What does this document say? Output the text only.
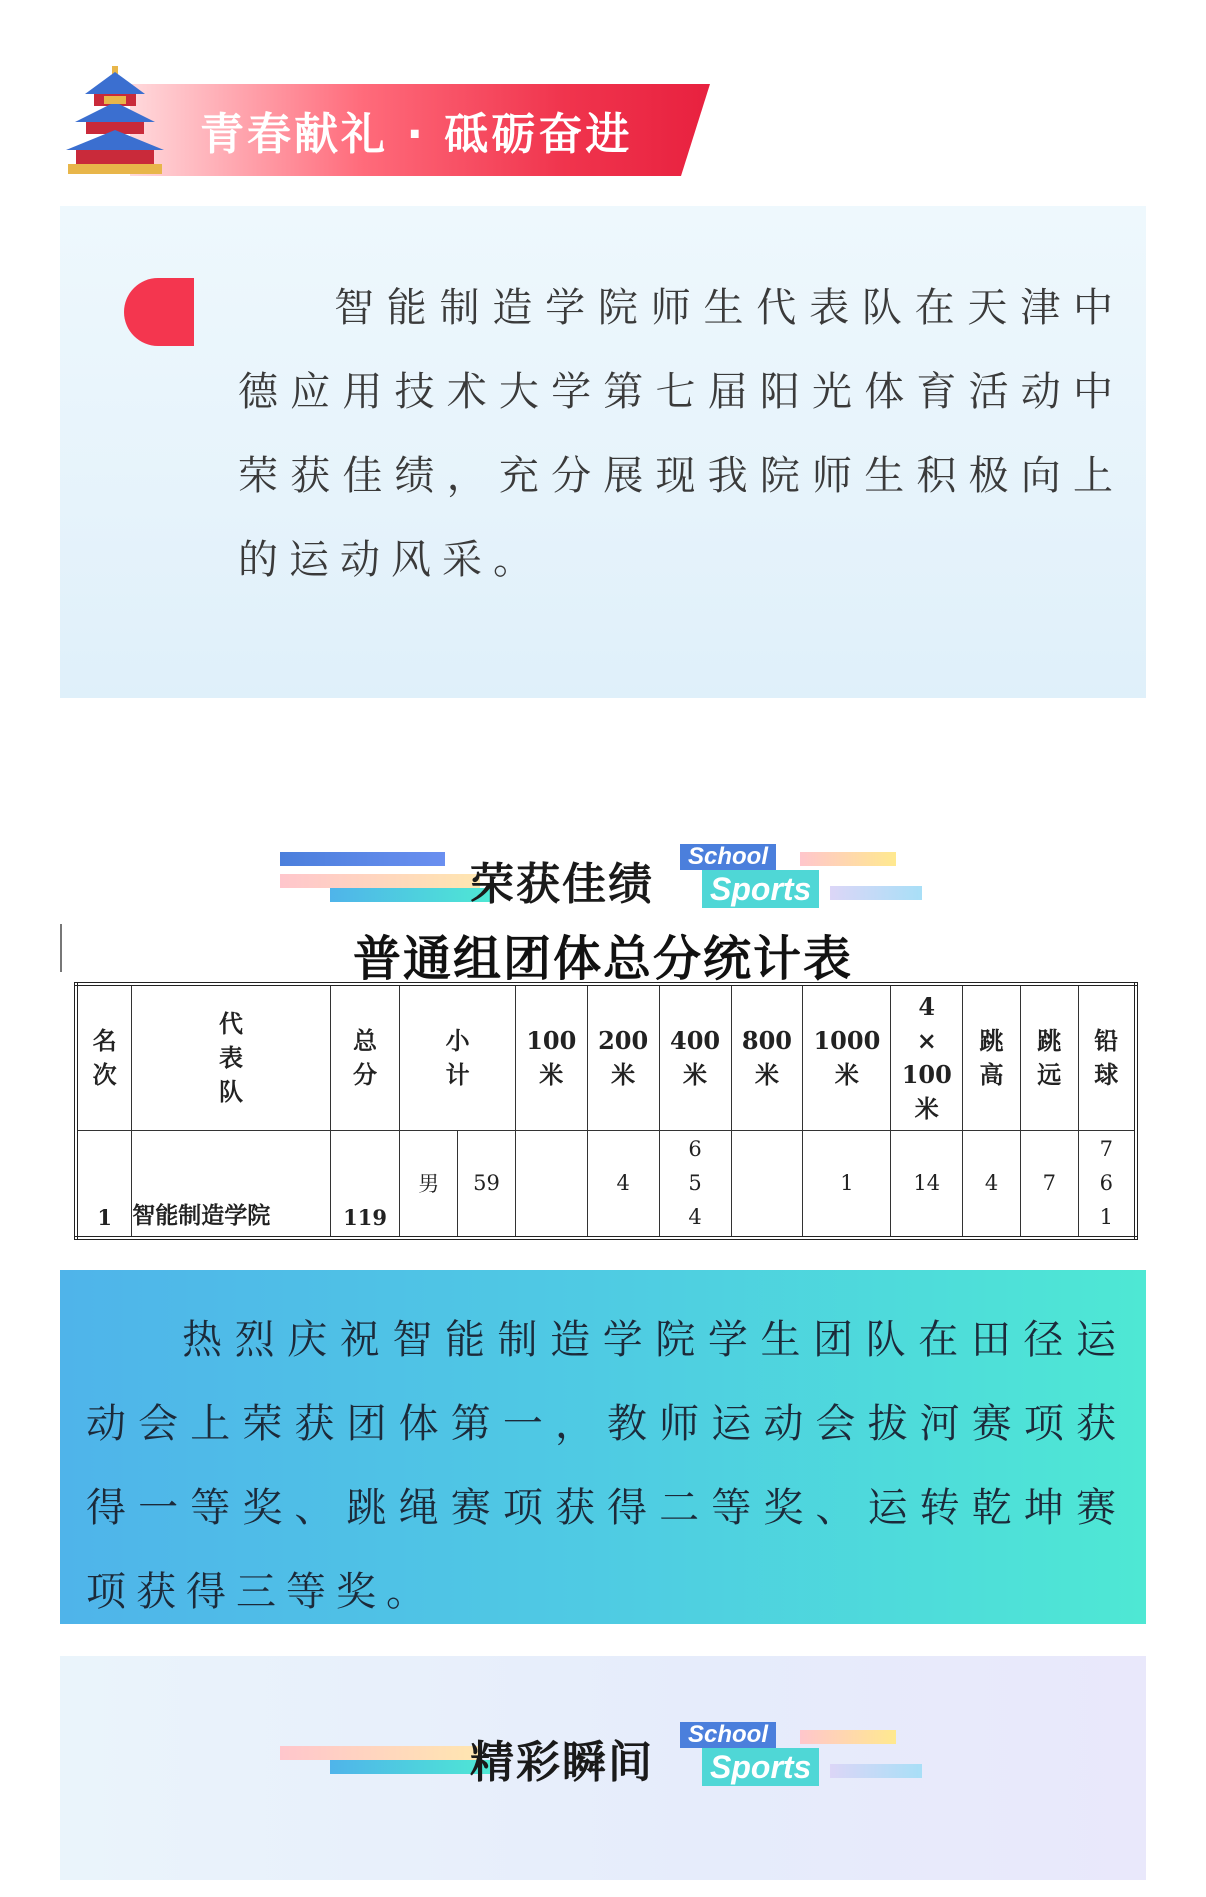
青春献礼 · 砥砺奋进

智能制造学院师生代表队在天津中德应用技术大学第七届阳光体育活动中荣获佳绩，充分展现我院师生积极向上的运动风采。

荣获佳绩
School
Sports
普通组团体总分统计表
名次	代表队	总分	小计		100米	200米	400米	800米	1000米	4
×
100
米	跳高	跳远	铅球
1	智能制造学院	119	男	59		4	6
5
4		1	14	4	7	7
6
1

热烈庆祝智能制造学院学生团队在田径运动会上荣获团体第一，教师运动会拔河赛项获得一等奖、跳绳赛项获得二等奖、运转乾坤赛项获得三等奖。

精彩瞬间
School
Sports
